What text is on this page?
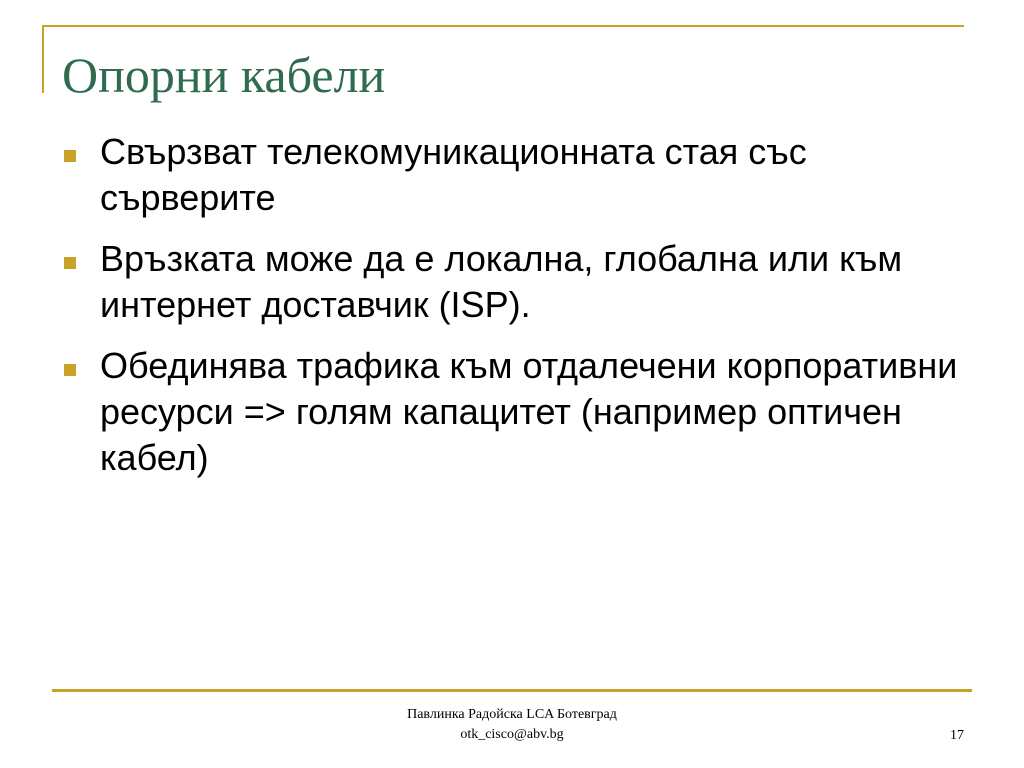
Опорни кабели
Свързват телекомуникационната стая със сърверите
Връзката може да е локална, глобална или към интернет доставчик (ISP).
Обединява трафика към отдалечени корпоративни ресурси => голям капацитет (например оптичен кабел)
Павлинка Радойска LCA Ботевград
otk_cisco@abv.bg	17
